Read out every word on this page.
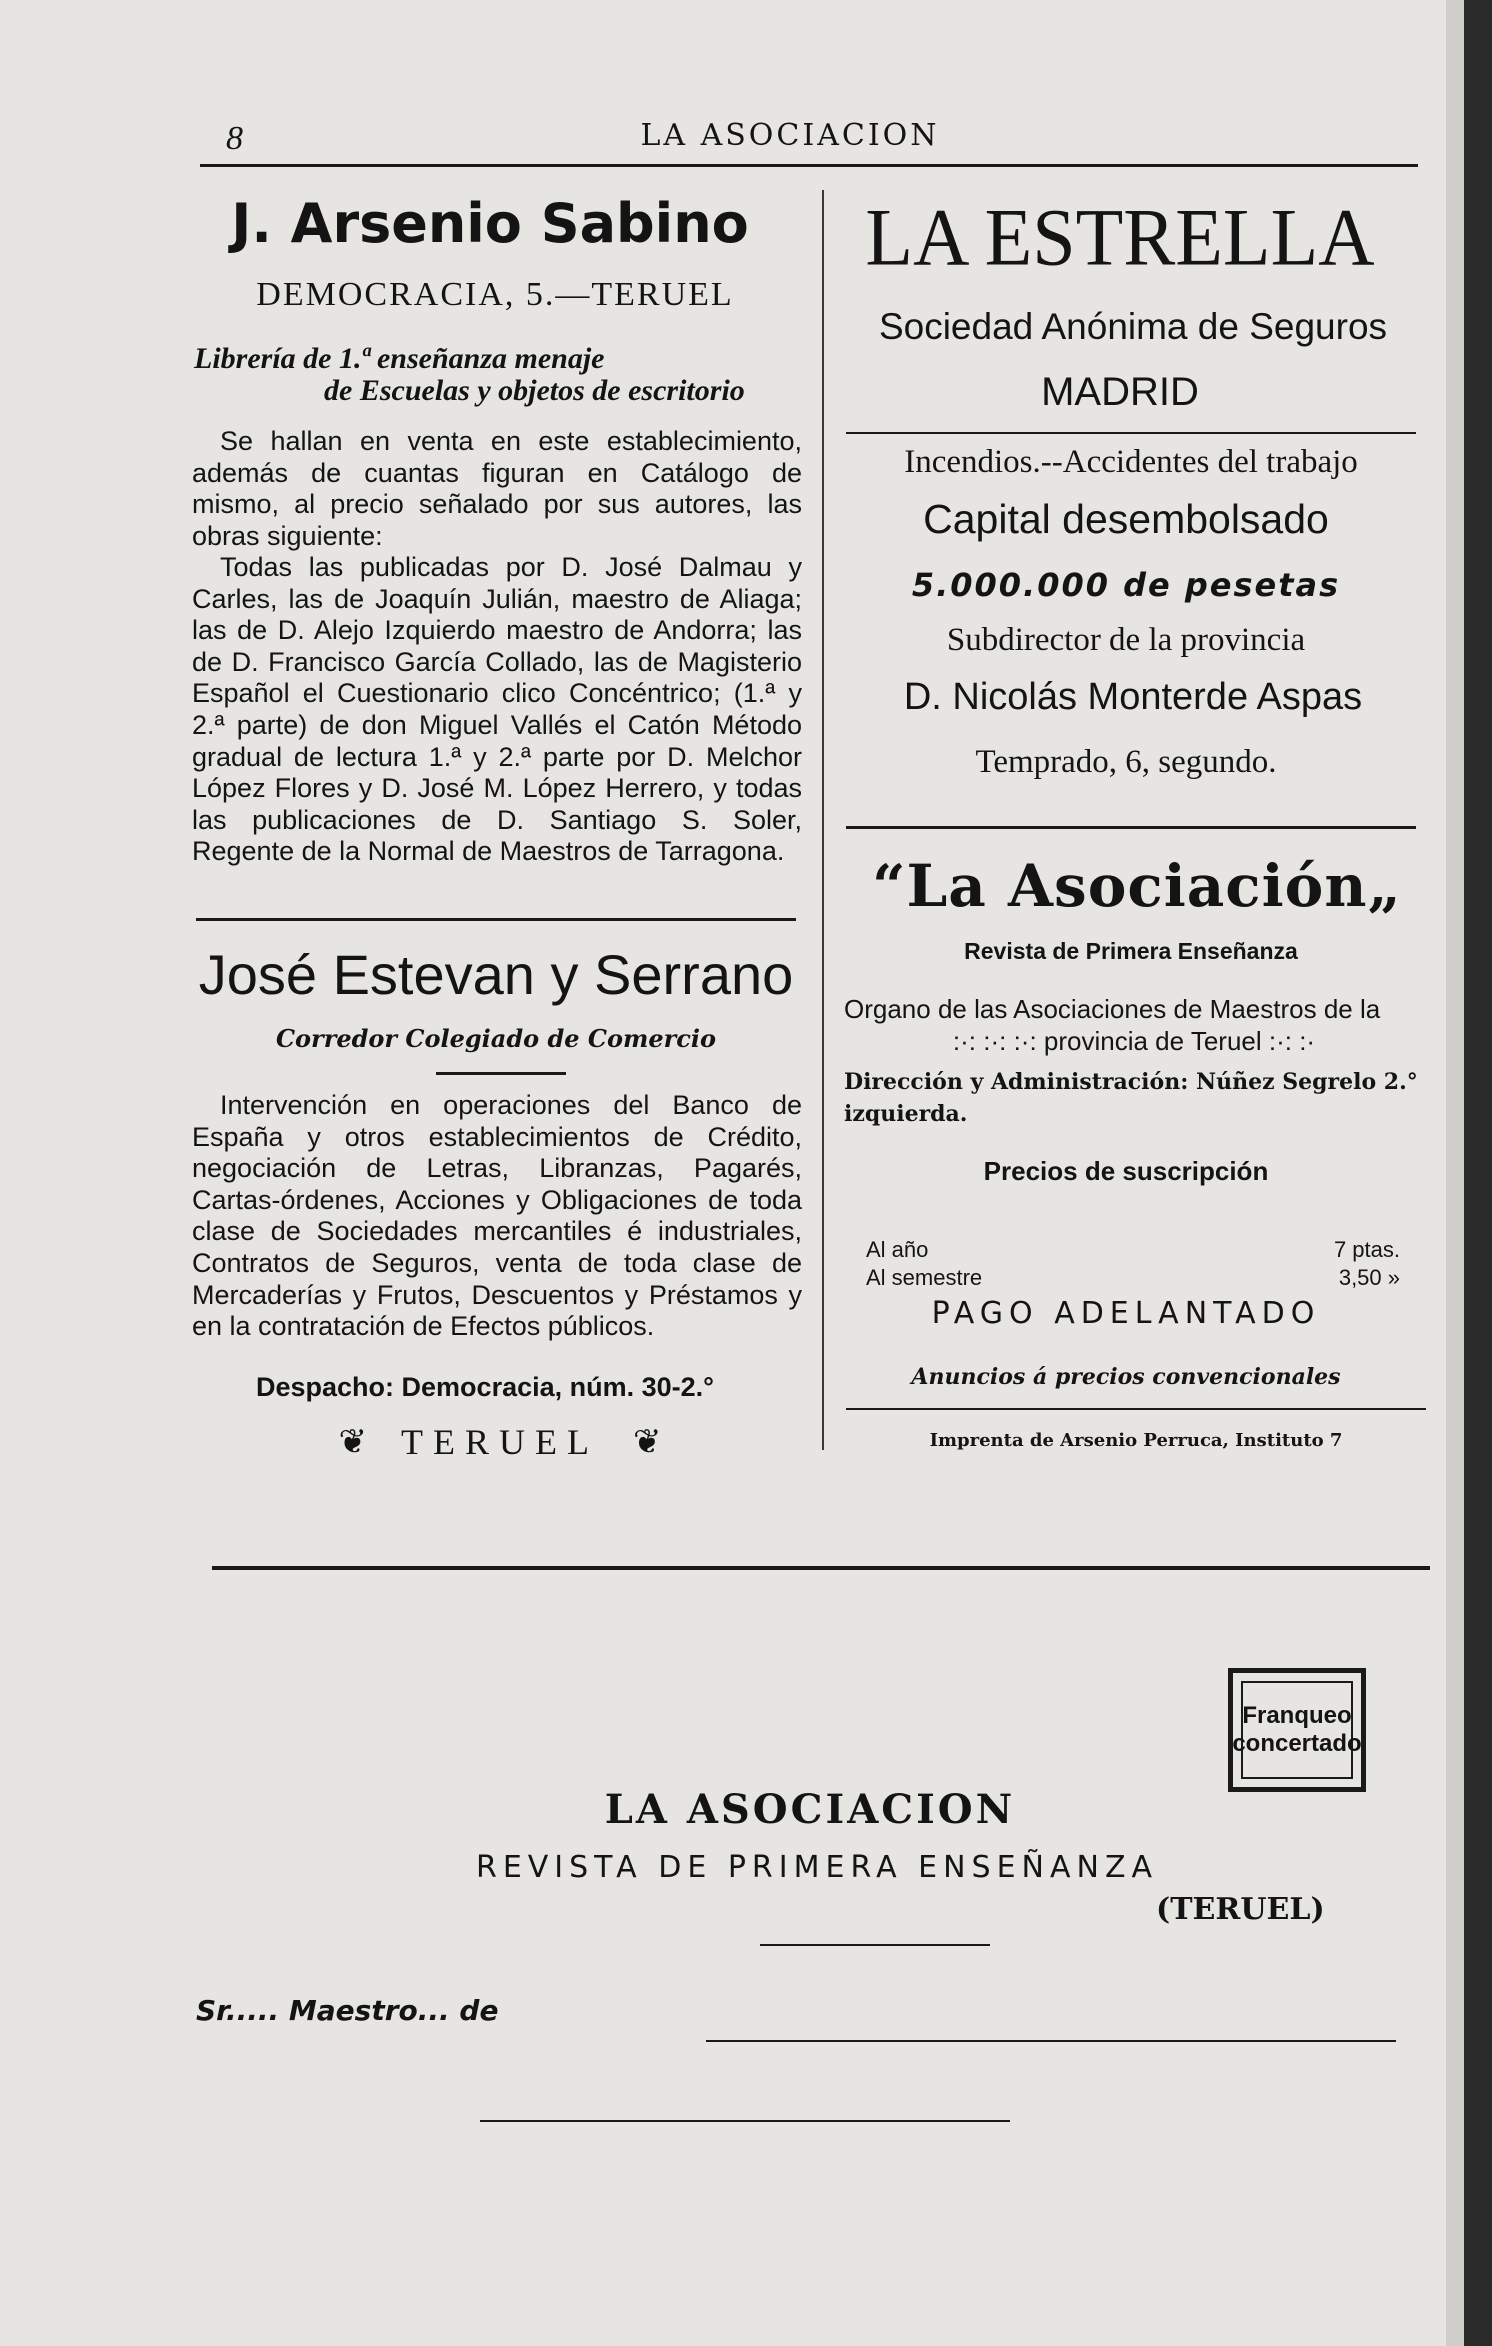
8	LA ASOCIACION
J. Arsenio Sabino
DEMOCRACIA, 5.—TERUEL
Librería de 1.ª enseñanza menaje
de Escuelas y objetos de escritorio
Se hallan en venta en este establecimiento, además de cuantas figuran en Catálogo de mismo, al precio señalado por sus autores, las obras siguiente:
Todas las publicadas por D. José Dalmau y Carles, las de Joaquín Julián, maestro de Aliaga; las de D. Alejo Izquierdo maestro de Andorra; las de D. Francisco García Collado, las de Magisterio Español el Cuestionario clico Concéntrico; (1.ª y 2.ª parte) de don Miguel Vallés el Catón Método gradual de lectura 1.ª y 2.ª parte por D. Melchor López Flores y D. José M. López Herrero, y todas las publicaciones de D. Santiago S. Soler, Regente de la Normal de Maestros de Tarragona.
José Estevan y Serrano
Corredor Colegiado de Comercio
Intervención en operaciones del Banco de España y otros establecimientos de Crédito, negociación de Letras, Libranzas, Pagarés, Cartas-órdenes, Acciones y Obligaciones de toda clase de Sociedades mercantiles é industriales, Contratos de Seguros, venta de toda clase de Mercaderías y Frutos, Descuentos y Préstamos y en la contratación de Efectos públicos.
Despacho: Democracia, núm. 30-2.°
❦ TERUEL ❦
LA ESTRELLA
Sociedad Anónima de Seguros
MADRID
Incendios.--Accidentes del trabajo
Capital desembolsado
5.000.000 de pesetas
Subdirector de la provincia
D. Nicolás Monterde Aspas
Temprado, 6, segundo.
“La Asociación„
Revista de Primera Enseñanza
Organo de las Asociaciones de Maestros de la
:·: :·: :·: provincia de Teruel :·: :·
Dirección y Administración: Núñez Segrelo 2.° izquierda.
Precios de suscripción
Al año	7 ptas.
Al semestre	3,50 »
PAGO ADELANTADO
Anuncios á precios convencionales
Imprenta de Arsenio Perruca, Instituto 7
Franqueo
concertado
LA ASOCIACION
REVISTA DE PRIMERA ENSEÑANZA
(TERUEL)
Sr..... Maestro... de
